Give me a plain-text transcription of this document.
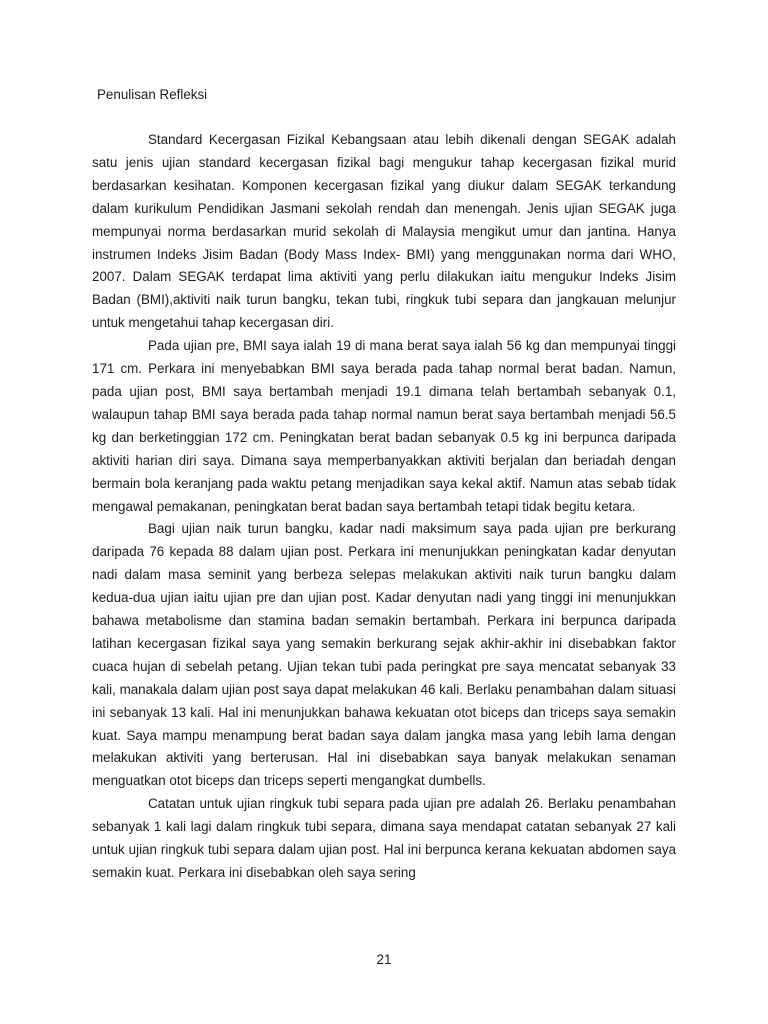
Penulisan Refleksi

Standard Kecergasan Fizikal Kebangsaan atau lebih dikenali dengan SEGAK adalah satu jenis ujian standard kecergasan fizikal bagi mengukur tahap kecergasan fizikal murid berdasarkan kesihatan. Komponen kecergasan fizikal yang diukur dalam SEGAK terkandung dalam kurikulum Pendidikan Jasmani sekolah rendah dan menengah. Jenis ujian SEGAK juga mempunyai norma berdasarkan murid sekolah di Malaysia mengikut umur dan jantina. Hanya instrumen Indeks Jisim Badan (Body Mass Index- BMI) yang menggunakan norma dari WHO, 2007. Dalam SEGAK terdapat lima aktiviti yang perlu dilakukan iaitu mengukur Indeks Jisim Badan (BMI),aktiviti naik turun bangku, tekan tubi, ringkuk tubi separa dan jangkauan melunjur untuk mengetahui tahap kecergasan diri.

Pada ujian pre, BMI saya ialah 19 di mana berat saya ialah 56 kg dan mempunyai tinggi 171 cm. Perkara ini menyebabkan BMI saya berada pada tahap normal berat badan. Namun, pada ujian post, BMI saya bertambah menjadi 19.1 dimana telah bertambah sebanyak 0.1, walaupun tahap BMI saya berada pada tahap normal namun berat saya bertambah menjadi 56.5 kg dan berketinggian 172 cm. Peningkatan berat badan sebanyak 0.5 kg ini berpunca daripada aktiviti harian diri saya. Dimana saya memperbanyakkan aktiviti berjalan dan beriadah dengan bermain bola keranjang pada waktu petang menjadikan saya kekal aktif. Namun atas sebab tidak mengawal pemakanan, peningkatan berat badan saya bertambah tetapi tidak begitu ketara.

Bagi ujian naik turun bangku, kadar nadi maksimum saya pada ujian pre berkurang daripada 76 kepada 88 dalam ujian post. Perkara ini menunjukkan peningkatan kadar denyutan nadi dalam masa seminit yang berbeza selepas melakukan aktiviti naik turun bangku dalam kedua-dua ujian iaitu ujian pre dan ujian post. Kadar denyutan nadi yang tinggi ini menunjukkan bahawa metabolisme dan stamina badan semakin bertambah. Perkara ini berpunca daripada latihan kecergasan fizikal saya yang semakin berkurang sejak akhir-akhir ini disebabkan faktor cuaca hujan di sebelah petang. Ujian tekan tubi pada peringkat pre saya mencatat sebanyak 33 kali, manakala dalam ujian post saya dapat melakukan 46 kali. Berlaku penambahan dalam situasi ini sebanyak 13 kali. Hal ini menunjukkan bahawa kekuatan otot biceps dan triceps saya semakin kuat. Saya mampu menampung berat badan saya dalam jangka masa yang lebih lama dengan melakukan aktiviti yang berterusan. Hal ini disebabkan saya banyak melakukan senaman menguatkan otot biceps dan triceps seperti mengangkat dumbells.

Catatan untuk ujian ringkuk tubi separa pada ujian pre adalah 26. Berlaku penambahan sebanyak 1 kali lagi dalam ringkuk tubi separa, dimana saya mendapat catatan sebanyak 27 kali untuk ujian ringkuk tubi separa dalam ujian post. Hal ini berpunca kerana kekuatan abdomen saya semakin kuat. Perkara ini disebabkan oleh saya sering

21
